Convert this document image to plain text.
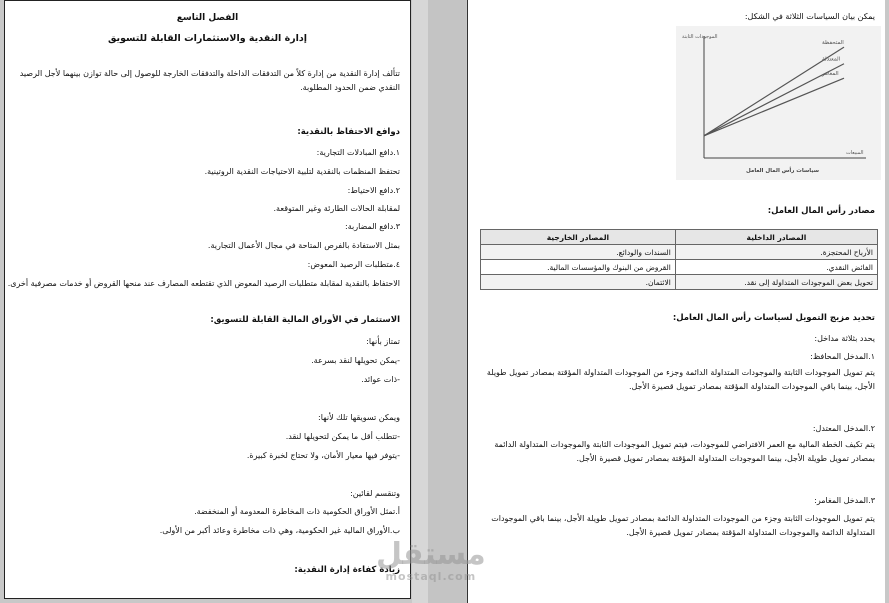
الفصل التاسع
إدارة النقدية والاستثمارات القابلة للتسويق
تتألف إدارة النقدية من إدارة كلاً من التدفقات الداخلة والتدفقات الخارجة للوصول إلى حالة توازن بينهما لأجل الرصيد النقدي ضمن الحدود المطلوبة.
دوافع الاحتفاظ بالنقدية:
١.دافع المبادلات التجارية:
تحتفظ المنظمات بالنقدية لتلبية الاحتياجات النقدية الروتينية.
٢.دافع الاحتياط:
لمقابلة الحالات الطارئة وغير المتوقعة.
٣.دافع المضاربة:
بمثل الاستفادة بالفرص المتاحة في مجال الأعمال التجارية.
٤.متطلبات الرصيد المعوض:
الاحتفاظ بالنقدية لمقابلة متطلبات الرصيد المعوض الذي تقتطعه المصارف عند منحها القروض أو خدمات مصرفية أخرى.
الاستثمار في الأوراق المالية القابلة للتسويق:
تمتاز بأنها:
-يمكن تحويلها لنقد بسرعة.
-ذات عوائد.
ويمكن تسويقها تلك لأنها:
-تتطلب أقل ما يمكن لتحويلها لنقد.
-يتوفر فيها معيار الأمان، ولا تحتاج لخبرة كبيرة.
وتنقسم لقائين:
أ.تمثل الأوراق الحكومية ذات المخاطرة المعدومة أو المنخفضة.
ب.الأوراق المالية غير الحكومية، وهي ذات مخاطرة وعائد أكبر من الأولى.
زيادة كفاءة إدارة النقدية:
يمكن بيان السياسات الثلاثة في الشكل:
المتحفظة
المعتدلة
المغامر
الموجودات الثابتة
المبيعات
سياسات رأس المال العامل
مصادر رأس المال العامل:
المصادر الداخلية	المصادر الخارجية
الأرباح المحتجزة.	السندات والودائع.
الفائض النقدي.	القروض من البنوك والمؤسسات المالية.
تحويل بعض الموجودات المتداولة إلى نقد.	الائتمان.
تحديد مزيج التمويل لسياسات رأس المال العامل:
يحدد بثلاثة مداخل:
١.المدخل المحافظ:
يتم تمويل الموجودات الثابتة والموجودات المتداولة الدائمة وجزء من الموجودات المتداولة المؤقتة بمصادر تمويل طويلة الأجل، بينما باقي الموجودات المتداولة المؤقتة بمصادر تمويل قصيرة الأجل.
٢.المدخل المعتدل:
يتم تكيف الخطة المالية مع العمر الافتراضي للموجودات، فيتم تمويل الموجودات الثابتة والموجودات المتداولة الدائمة بمصادر تمويل طويلة الأجل، بينما الموجودات المتداولة المؤقتة بمصادر تمويل قصيرة الأجل.
٣.المدخل المغامر:
يتم تمويل الموجودات الثابتة وجزء من الموجودات المتداولة الدائمة بمصادر تمويل طويلة الأجل، بينما باقي الموجودات المتداولة الدائمة والموجودات المتداولة المؤقتة بمصادر تمويل قصيرة الأجل.
مستقل
mostaql.com
